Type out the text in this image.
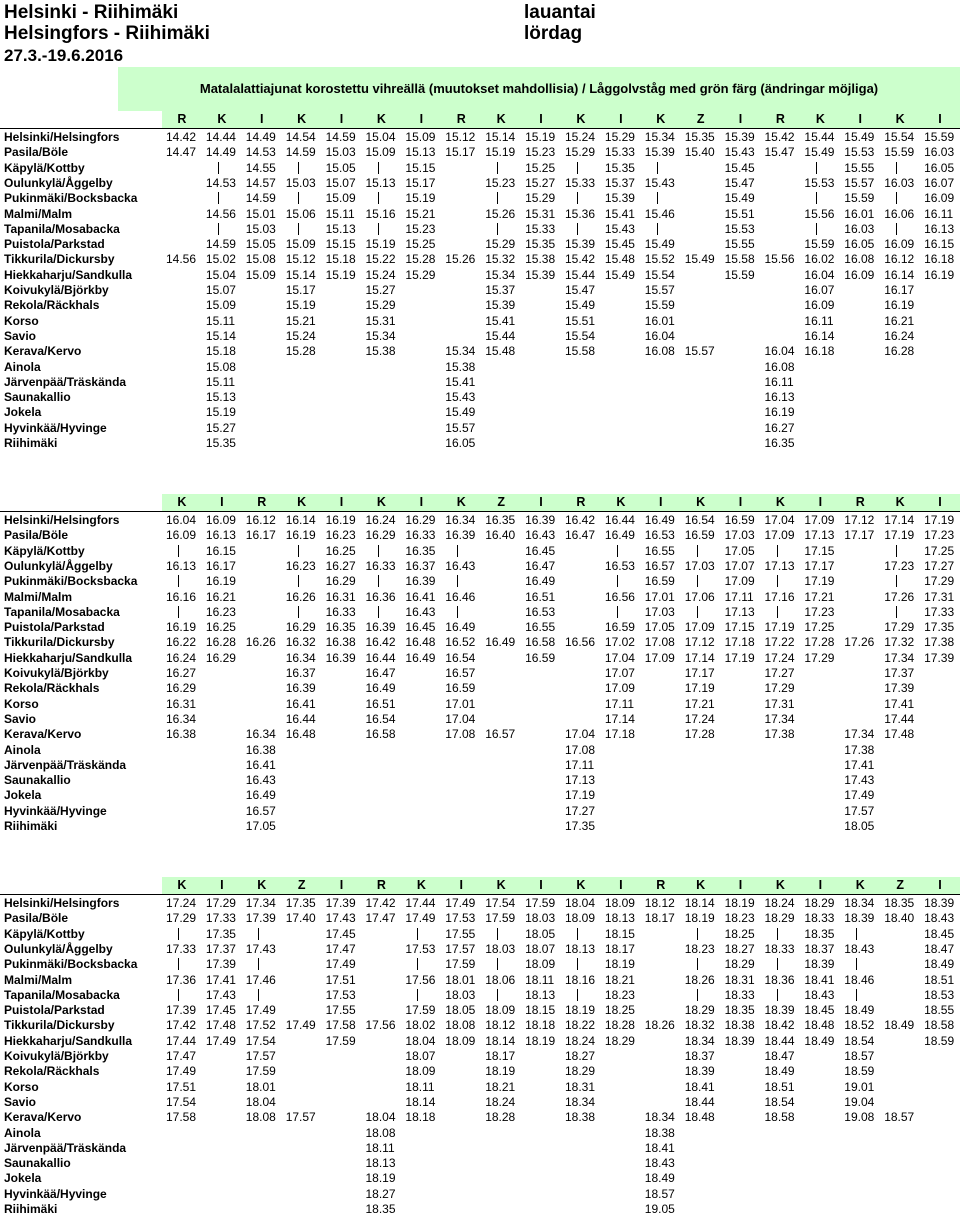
Helsinki - Riihimäki
Helsingfors - Riihimäki
27.3.-19.6.2016
lauantai
lördag
Matalalattiajunat korostettu vihreällä (muutokset mahdollisia) / Låggolvståg med grön färg (ändringar möjliga)
Helsinki/Helsingfors
Pasila/Böle
Käpylä/Kottby
Oulunkylä/Åggelby
Pukinmäki/Bocksbacka
Malmi/Malm
Tapanila/Mosabacka
Puistola/Parkstad
Tikkurila/Dickursby
Hiekkaharju/Sandkulla
Koivukylä/Björkby
Rekola/Räckhals
Korso
Savio
Kerava/Kervo
Ainola
Järvenpää/Träskända
Saunakallio
Jokela
Hyvinkää/Hyvinge
Riihimäki
R
14.42
14.47
14.56
K
14.44
14.49
14.53
14.56
14.59
15.02
15.04
15.07
15.09
15.11
15.14
15.18
15.08
15.11
15.13
15.19
15.27
15.35
I
14.49
14.53
14.55
14.57
14.59
15.01
15.03
15.05
15.08
15.09
K
14.54
14.59
15.03
15.06
15.09
15.12
15.14
15.17
15.19
15.21
15.24
15.28
I
14.59
15.03
15.05
15.07
15.09
15.11
15.13
15.15
15.18
15.19
K
15.04
15.09
15.13
15.16
15.19
15.22
15.24
15.27
15.29
15.31
15.34
15.38
I
15.09
15.13
15.15
15.17
15.19
15.21
15.23
15.25
15.28
15.29
R
15.12
15.17
15.26
15.34
15.38
15.41
15.43
15.49
15.57
16.05
K
15.14
15.19
15.23
15.26
15.29
15.32
15.34
15.37
15.39
15.41
15.44
15.48
I
15.19
15.23
15.25
15.27
15.29
15.31
15.33
15.35
15.38
15.39
K
15.24
15.29
15.33
15.36
15.39
15.42
15.44
15.47
15.49
15.51
15.54
15.58
I
15.29
15.33
15.35
15.37
15.39
15.41
15.43
15.45
15.48
15.49
K
15.34
15.39
15.43
15.46
15.49
15.52
15.54
15.57
15.59
16.01
16.04
16.08
Z
15.35
15.40
15.49
15.57
I
15.39
15.43
15.45
15.47
15.49
15.51
15.53
15.55
15.58
15.59
R
15.42
15.47
15.56
16.04
16.08
16.11
16.13
16.19
16.27
16.35
K
15.44
15.49
15.53
15.56
15.59
16.02
16.04
16.07
16.09
16.11
16.14
16.18
I
15.49
15.53
15.55
15.57
15.59
16.01
16.03
16.05
16.08
16.09
K
15.54
15.59
16.03
16.06
16.09
16.12
16.14
16.17
16.19
16.21
16.24
16.28
I
15.59
16.03
16.05
16.07
16.09
16.11
16.13
16.15
16.18
16.19
Helsinki/Helsingfors
Pasila/Böle
Käpylä/Kottby
Oulunkylä/Åggelby
Pukinmäki/Bocksbacka
Malmi/Malm
Tapanila/Mosabacka
Puistola/Parkstad
Tikkurila/Dickursby
Hiekkaharju/Sandkulla
Koivukylä/Björkby
Rekola/Räckhals
Korso
Savio
Kerava/Kervo
Ainola
Järvenpää/Träskända
Saunakallio
Jokela
Hyvinkää/Hyvinge
Riihimäki
K
16.04
16.09
16.13
16.16
16.19
16.22
16.24
16.27
16.29
16.31
16.34
16.38
I
16.09
16.13
16.15
16.17
16.19
16.21
16.23
16.25
16.28
16.29
R
16.12
16.17
16.26
16.34
16.38
16.41
16.43
16.49
16.57
17.05
K
16.14
16.19
16.23
16.26
16.29
16.32
16.34
16.37
16.39
16.41
16.44
16.48
I
16.19
16.23
16.25
16.27
16.29
16.31
16.33
16.35
16.38
16.39
K
16.24
16.29
16.33
16.36
16.39
16.42
16.44
16.47
16.49
16.51
16.54
16.58
I
16.29
16.33
16.35
16.37
16.39
16.41
16.43
16.45
16.48
16.49
K
16.34
16.39
16.43
16.46
16.49
16.52
16.54
16.57
16.59
17.01
17.04
17.08
Z
16.35
16.40
16.49
16.57
I
16.39
16.43
16.45
16.47
16.49
16.51
16.53
16.55
16.58
16.59
R
16.42
16.47
16.56
17.04
17.08
17.11
17.13
17.19
17.27
17.35
K
16.44
16.49
16.53
16.56
16.59
17.02
17.04
17.07
17.09
17.11
17.14
17.18
I
16.49
16.53
16.55
16.57
16.59
17.01
17.03
17.05
17.08
17.09
K
16.54
16.59
17.03
17.06
17.09
17.12
17.14
17.17
17.19
17.21
17.24
17.28
I
16.59
17.03
17.05
17.07
17.09
17.11
17.13
17.15
17.18
17.19
K
17.04
17.09
17.13
17.16
17.19
17.22
17.24
17.27
17.29
17.31
17.34
17.38
I
17.09
17.13
17.15
17.17
17.19
17.21
17.23
17.25
17.28
17.29
R
17.12
17.17
17.26
17.34
17.38
17.41
17.43
17.49
17.57
18.05
K
17.14
17.19
17.23
17.26
17.29
17.32
17.34
17.37
17.39
17.41
17.44
17.48
I
17.19
17.23
17.25
17.27
17.29
17.31
17.33
17.35
17.38
17.39
Helsinki/Helsingfors
Pasila/Böle
Käpylä/Kottby
Oulunkylä/Åggelby
Pukinmäki/Bocksbacka
Malmi/Malm
Tapanila/Mosabacka
Puistola/Parkstad
Tikkurila/Dickursby
Hiekkaharju/Sandkulla
Koivukylä/Björkby
Rekola/Räckhals
Korso
Savio
Kerava/Kervo
Ainola
Järvenpää/Träskända
Saunakallio
Jokela
Hyvinkää/Hyvinge
Riihimäki
K
17.24
17.29
17.33
17.36
17.39
17.42
17.44
17.47
17.49
17.51
17.54
17.58
I
17.29
17.33
17.35
17.37
17.39
17.41
17.43
17.45
17.48
17.49
K
17.34
17.39
17.43
17.46
17.49
17.52
17.54
17.57
17.59
18.01
18.04
18.08
Z
17.35
17.40
17.49
17.57
I
17.39
17.43
17.45
17.47
17.49
17.51
17.53
17.55
17.58
17.59
R
17.42
17.47
17.56
18.04
18.08
18.11
18.13
18.19
18.27
18.35
K
17.44
17.49
17.53
17.56
17.59
18.02
18.04
18.07
18.09
18.11
18.14
18.18
I
17.49
17.53
17.55
17.57
17.59
18.01
18.03
18.05
18.08
18.09
K
17.54
17.59
18.03
18.06
18.09
18.12
18.14
18.17
18.19
18.21
18.24
18.28
I
17.59
18.03
18.05
18.07
18.09
18.11
18.13
18.15
18.18
18.19
K
18.04
18.09
18.13
18.16
18.19
18.22
18.24
18.27
18.29
18.31
18.34
18.38
I
18.09
18.13
18.15
18.17
18.19
18.21
18.23
18.25
18.28
18.29
R
18.12
18.17
18.26
18.34
18.38
18.41
18.43
18.49
18.57
19.05
K
18.14
18.19
18.23
18.26
18.29
18.32
18.34
18.37
18.39
18.41
18.44
18.48
I
18.19
18.23
18.25
18.27
18.29
18.31
18.33
18.35
18.38
18.39
K
18.24
18.29
18.33
18.36
18.39
18.42
18.44
18.47
18.49
18.51
18.54
18.58
I
18.29
18.33
18.35
18.37
18.39
18.41
18.43
18.45
18.48
18.49
K
18.34
18.39
18.43
18.46
18.49
18.52
18.54
18.57
18.59
19.01
19.04
19.08
Z
18.35
18.40
18.49
18.57
I
18.39
18.43
18.45
18.47
18.49
18.51
18.53
18.55
18.58
18.59
